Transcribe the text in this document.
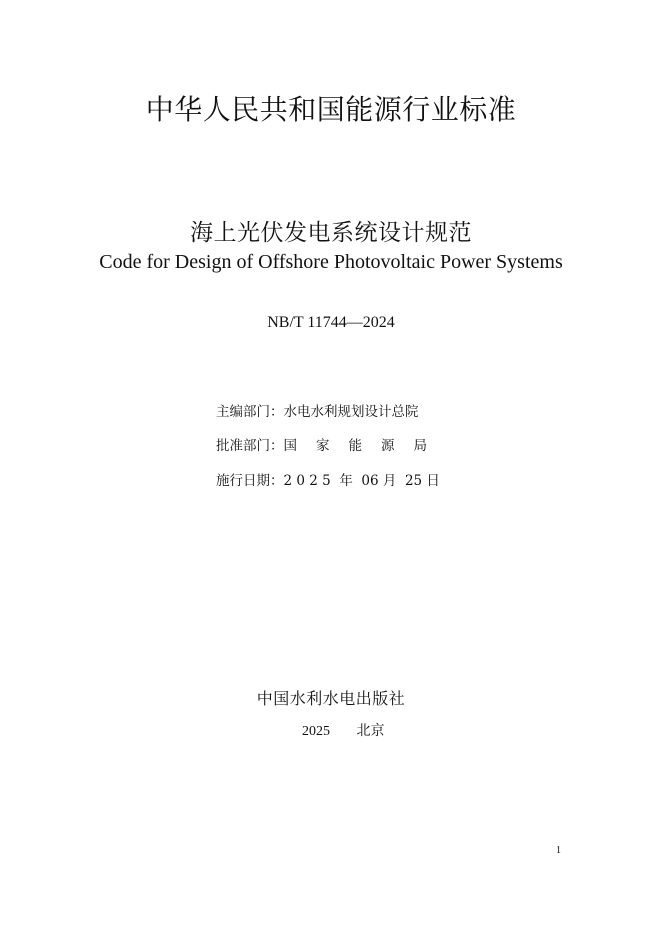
中华人民共和国能源行业标准
海上光伏发电系统设计规范
Code for Design of Offshore Photovoltaic Power Systems
NB/T 11744—2024
主编部门： 水电水利规划设计总院
批准部门： 国家能源局
施行日期： 2 0 2 5  年  06 月  25 日
中国水利水电出版社
2025 北京
1
